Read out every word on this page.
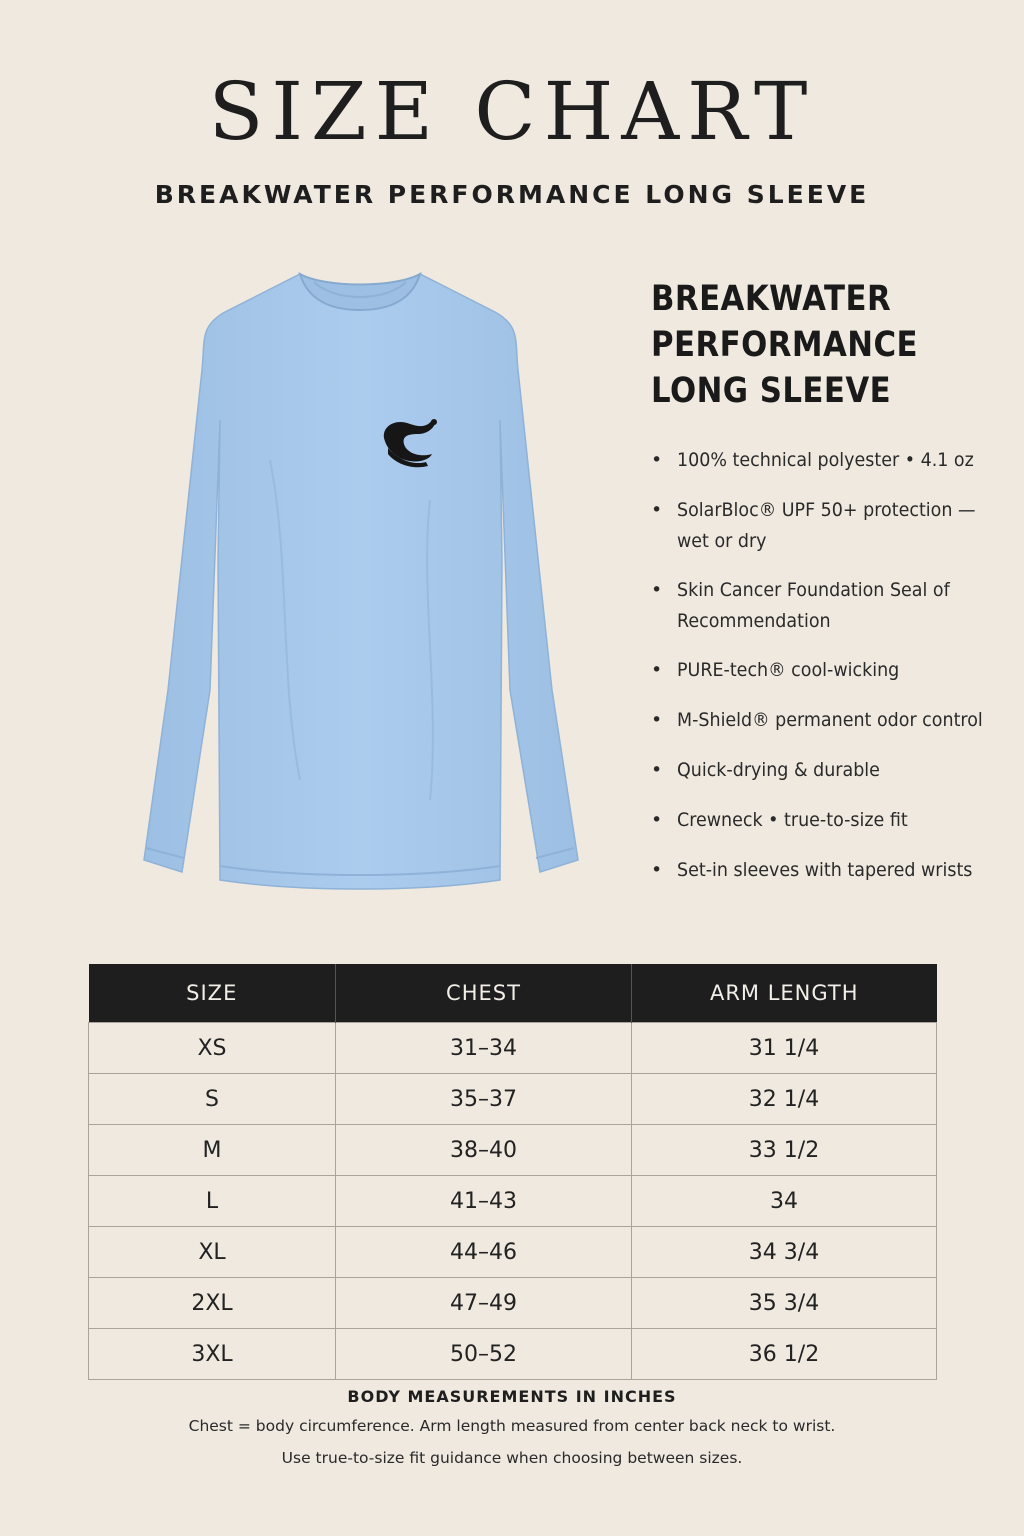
SIZE CHART
BREAKWATER PERFORMANCE LONG SLEEVE
BREAKWATER
PERFORMANCE
LONG SLEEVE
• 100% technical polyester • 4.1 oz
• SolarBloc® UPF 50+ protection — wet or dry
• Skin Cancer Foundation Seal of Recommendation
• PURE-tech® cool-wicking
• M-Shield® permanent odor control
• Quick-drying & durable
• Crewneck • true-to-size fit
• Set-in sleeves with tapered wrists
SIZE	CHEST	ARM LENGTH
XS	31–34	31 1/4
S	35–37	32 1/4
M	38–40	33 1/2
L	41–43	34
XL	44–46	34 3/4
2XL	47–49	35 3/4
3XL	50–52	36 1/2
BODY MEASUREMENTS IN INCHES
Chest = body circumference. Arm length measured from center back neck to wrist.
Use true-to-size fit guidance when choosing between sizes.
